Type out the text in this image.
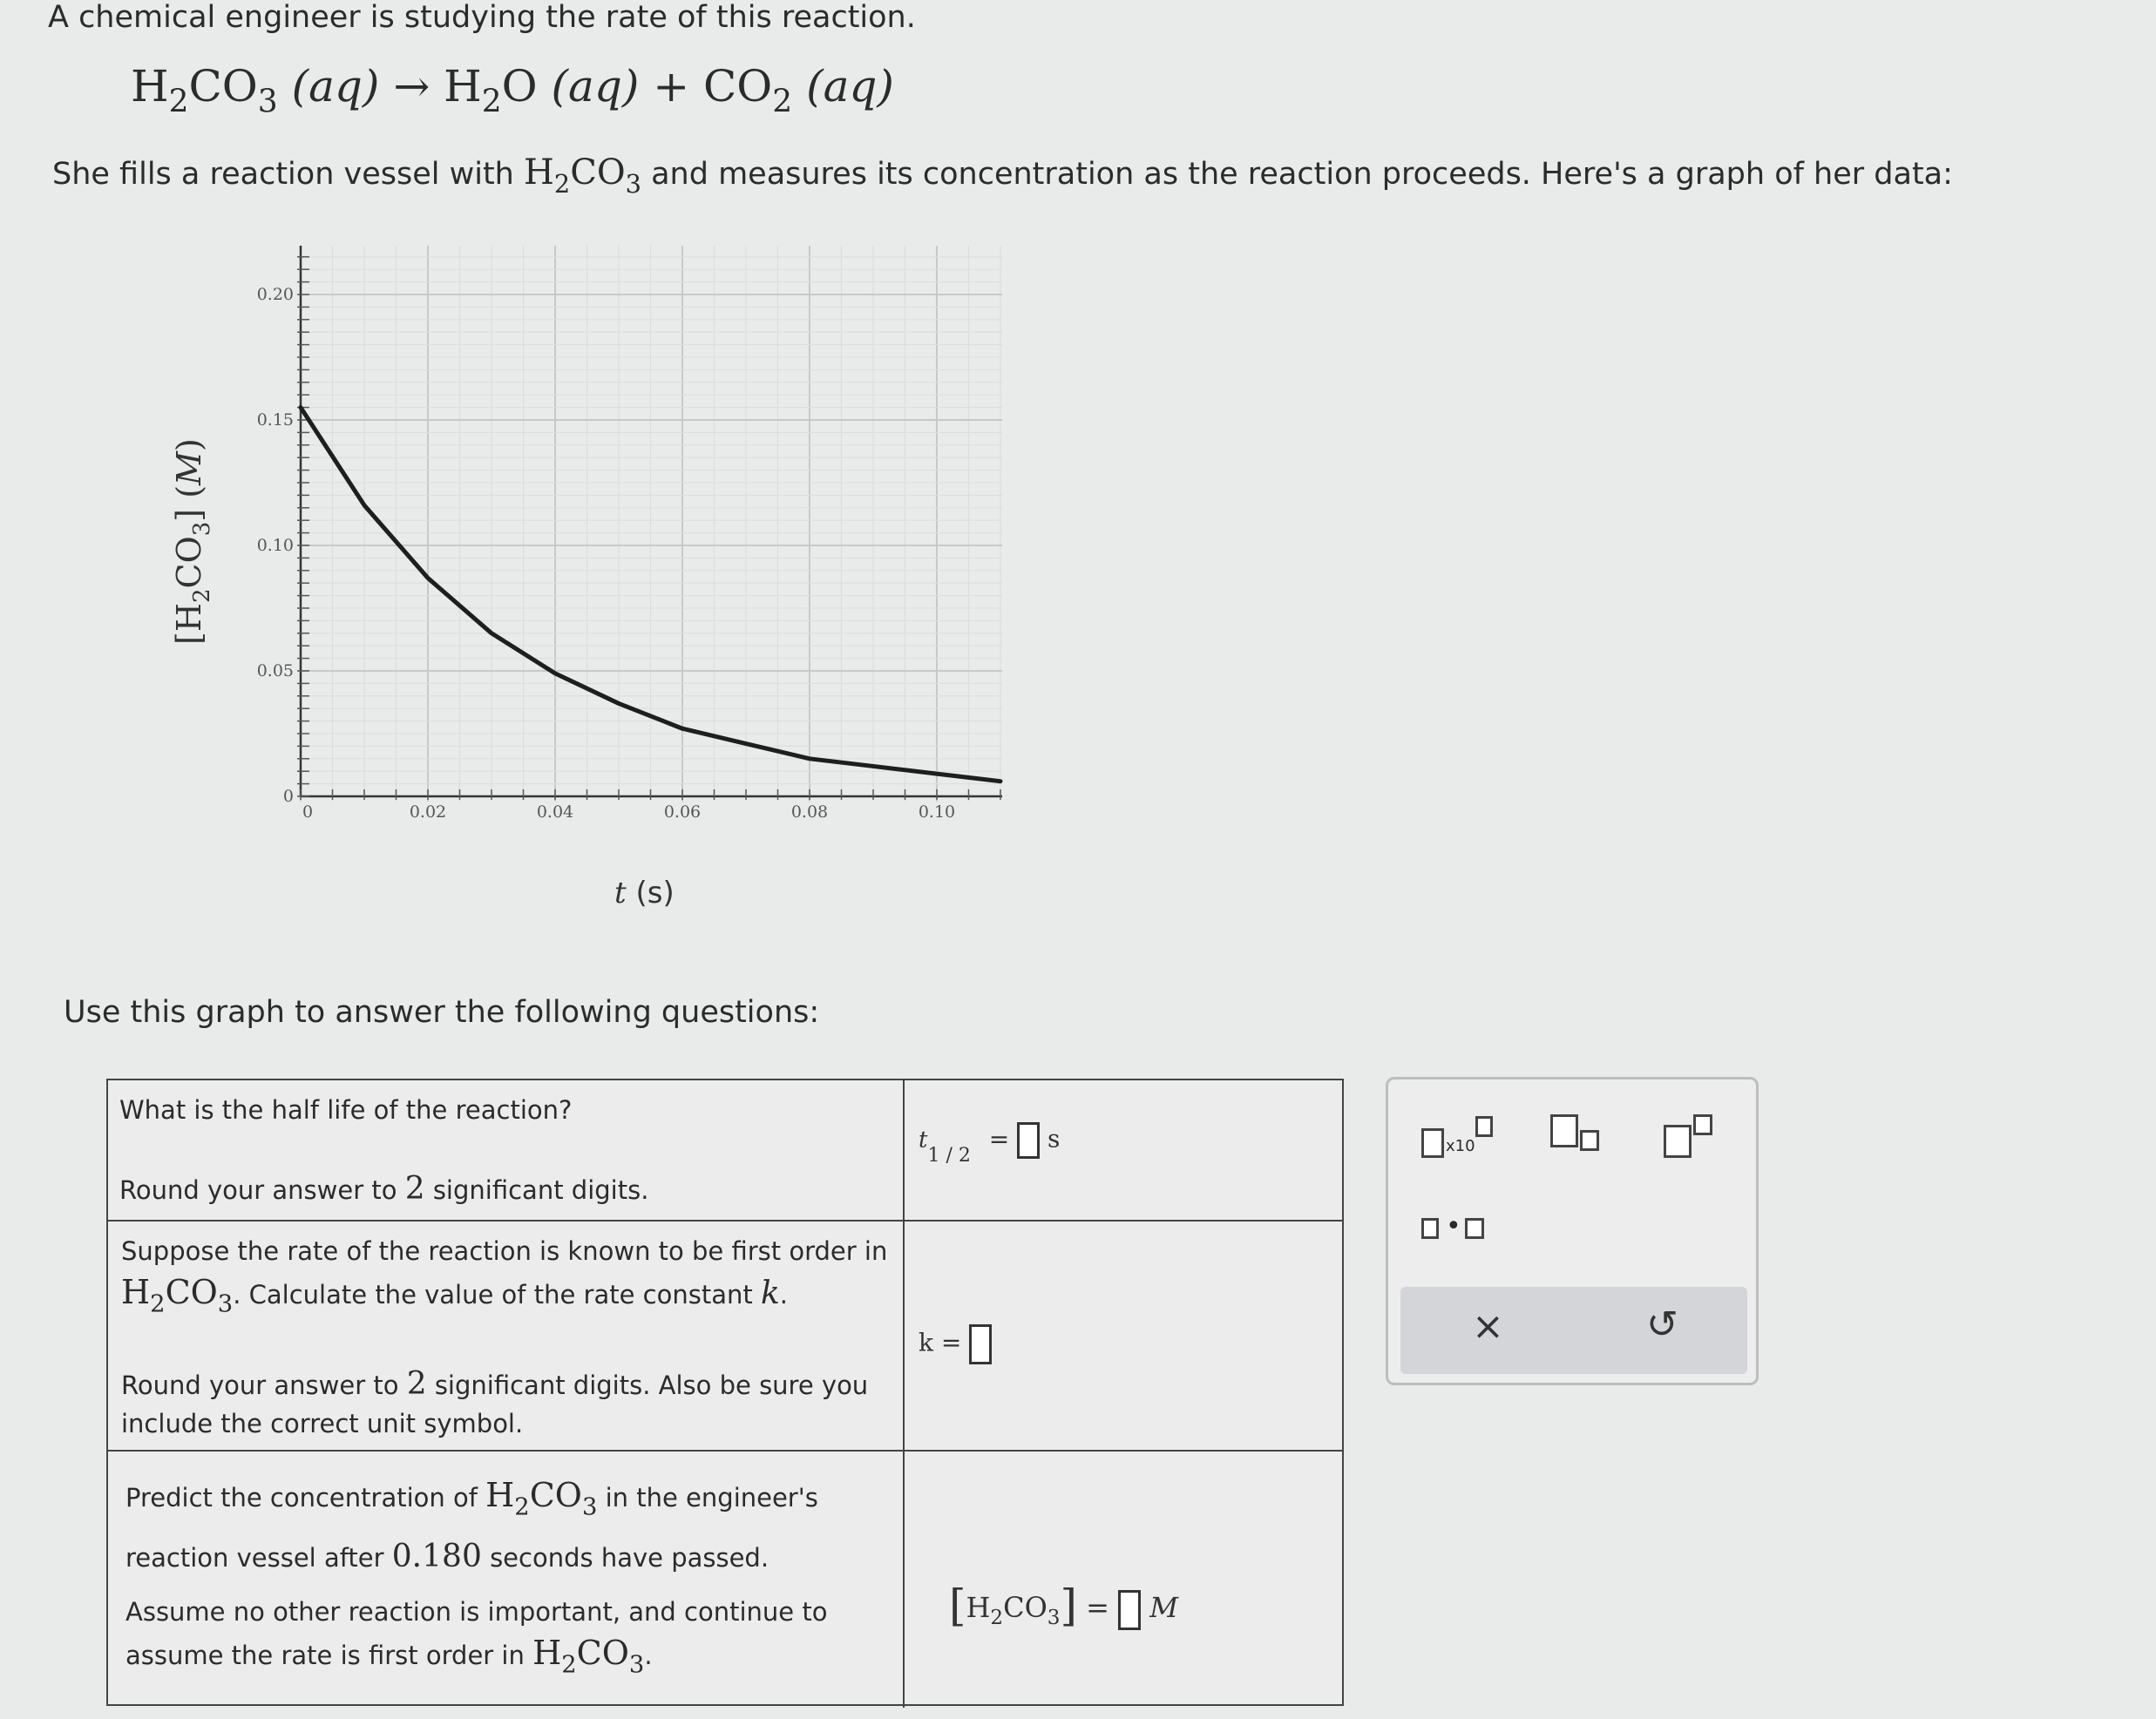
A chemical engineer is studying the rate of this reaction.
$H_2CO_3$ $(aq) \to H_2O$ $(aq) + CO_2$ (aq)
She fills a reaction vessel with $H_2CO_3$ and measures its concentration as the reaction proceeds. Here's a graph of her data:
0
0.05
0.10
0.15
0.20
0	0.02	0.04	0.06	0.08	0.10
$[H_2CO_3]$ (M)
t (s)
Use this graph to answer the following questions:
What is the half life of the reaction?
Round your answer to 2 significant digits.
$t_{1 / 2} = s$
Suppose the rate of the reaction is known to be first order in
$H_2CO_3$. Calculate the value of the rate constant k.
Round your answer to 2 significant digits. Also be sure you
include the correct unit symbol.
k =
Predict the concentration of $H_2CO_3$ in the engineer's
reaction vessel after 0.180 seconds have passed.
Assume no other reaction is important, and continue to
assume the rate is first order in $H_2CO_3$.
$[H_2CO_3] = M$
x10
•
×	↺
